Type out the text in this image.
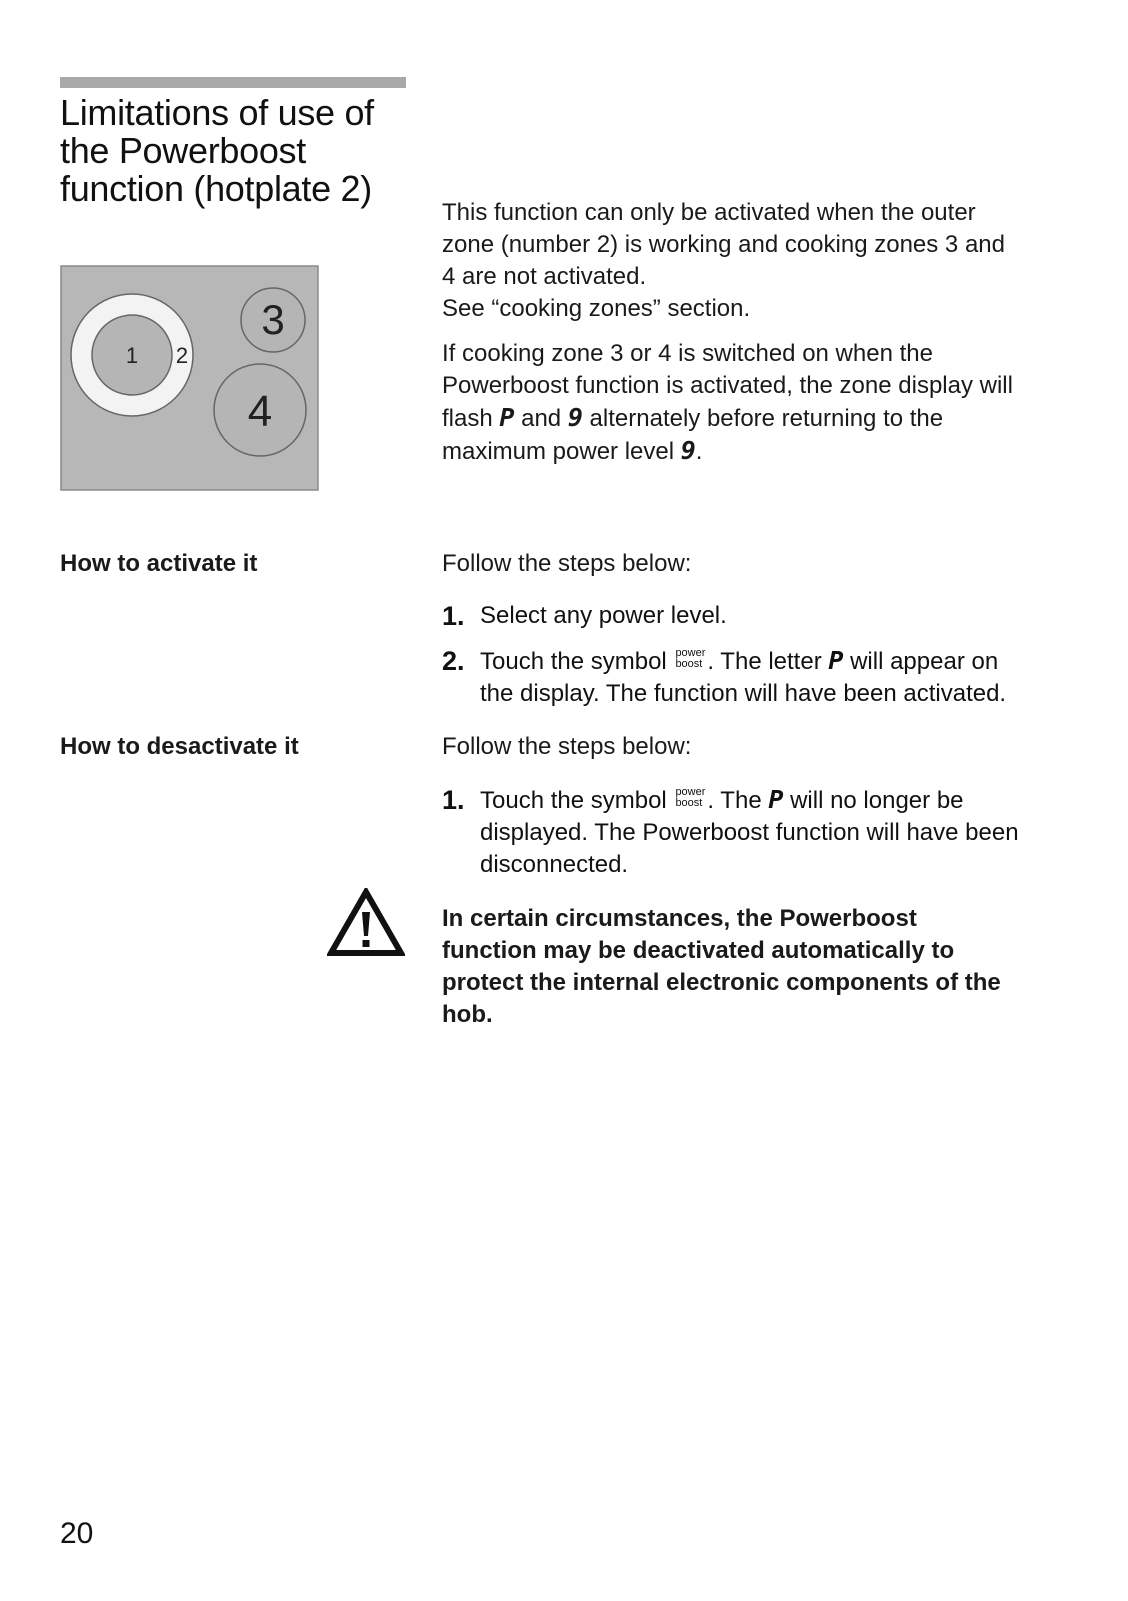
Limitations of use of the Powerboost function (hotplate 2)
1 2
3
4
This function can only be activated when the outer
zone (number 2) is working and cooking zones 3 and
4 are not activated.
See “cooking zones” section.
If cooking zone 3 or 4 is switched on when the
Powerboost function is activated, the zone display will
flash P and 9 alternately before returning to the
maximum power level 9.
How to activate it	Follow the steps below:
1. Select any power level.
2. Touch the symbol power
boost . The letter P will appear on
the display. The function will have been activated.
How to desactivate it	Follow the steps below:
1. Touch the symbol power
boost . The P will no longer be
displayed. The Powerboost function will have been
disconnected.
In certain circumstances, the Powerboost
function may be deactivated automatically to
protect the internal electronic components of the
hob.
20
